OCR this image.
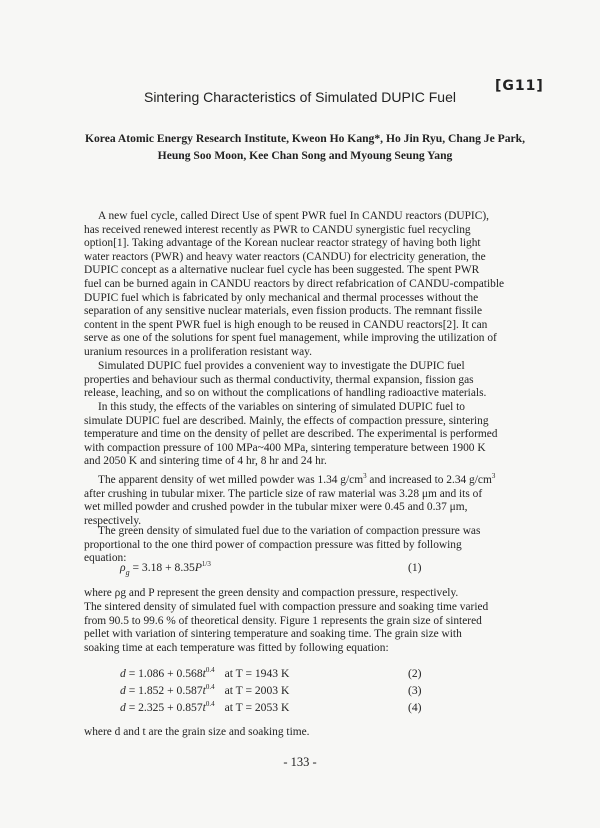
[G11]
Sintering Characteristics of Simulated DUPIC Fuel
Korea Atomic Energy Research Institute, Kweon Ho Kang*, Ho Jin Ryu, Chang Je Park,
Heung Soo Moon, Kee Chan Song and Myoung Seung Yang
A new fuel cycle, called Direct Use of spent PWR fuel In CANDU reactors (DUPIC),
has received renewed interest recently as PWR to CANDU synergistic fuel recycling
option[1]. Taking advantage of the Korean nuclear reactor strategy of having both light
water reactors (PWR) and heavy water reactors (CANDU) for electricity generation, the
DUPIC concept as a alternative nuclear fuel cycle has been suggested. The spent PWR
fuel can be burned again in CANDU reactors by direct refabrication of CANDU-compatible
DUPIC fuel which is fabricated by only mechanical and thermal processes without the
separation of any sensitive nuclear materials, even fission products. The remnant fissile
content in the spent PWR fuel is high enough to be reused in CANDU reactors[2]. It can
serve as one of the solutions for spent fuel management, while improving the utilization of
uranium resources in a proliferation resistant way.
Simulated DUPIC fuel provides a convenient way to investigate the DUPIC fuel
properties and behaviour such as thermal conductivity, thermal expansion, fission gas
release, leaching, and so on without the complications of handling radioactive materials.
In this study, the effects of the variables on sintering of simulated DUPIC fuel to
simulate DUPIC fuel are described. Mainly, the effects of compaction pressure, sintering
temperature and time on the density of pellet are described. The experimental is performed
with compaction pressure of 100 MPa~400 MPa, sintering temperature between 1900 K
and 2050 K and sintering time of 4 hr, 8 hr and 24 hr.
The apparent density of wet milled powder was 1.34 $g/cm^3$ and increased to 2.34 $g/cm^3$
after crushing in tubular mixer. The particle size of raw material was 3.28 μm and its of
wet milled powder and crushed powder in the tubular mixer were 0.45 and 0.37 μm,
respectively.
The green density of simulated fuel due to the variation of compaction pressure was
proportional to the one third power of compaction pressure was fitted by following
equation:
$\rho_g = 3.18 + 8.35P^{1/3}$	(1)
where ρg and P represent the green density and compaction pressure, respectively.
The sintered density of simulated fuel with compaction pressure and soaking time varied
from 90.5 to 99.6 % of theoretical density. Figure 1 represents the grain size of sintered
pellet with variation of sintering temperature and soaking time. The grain size with
soaking time at each temperature was fitted by following equation:
$d = 1.086 + 0.568t^{0.4}$ at T = 1943 K	(2)
$d = 1.852 + 0.587t^{0.4}$ at T = 2003 K	(3)
$d = 2.325 + 0.857t^{0.4}$ at T = 2053 K	(4)
where d and t are the grain size and soaking time.
- 133 -
